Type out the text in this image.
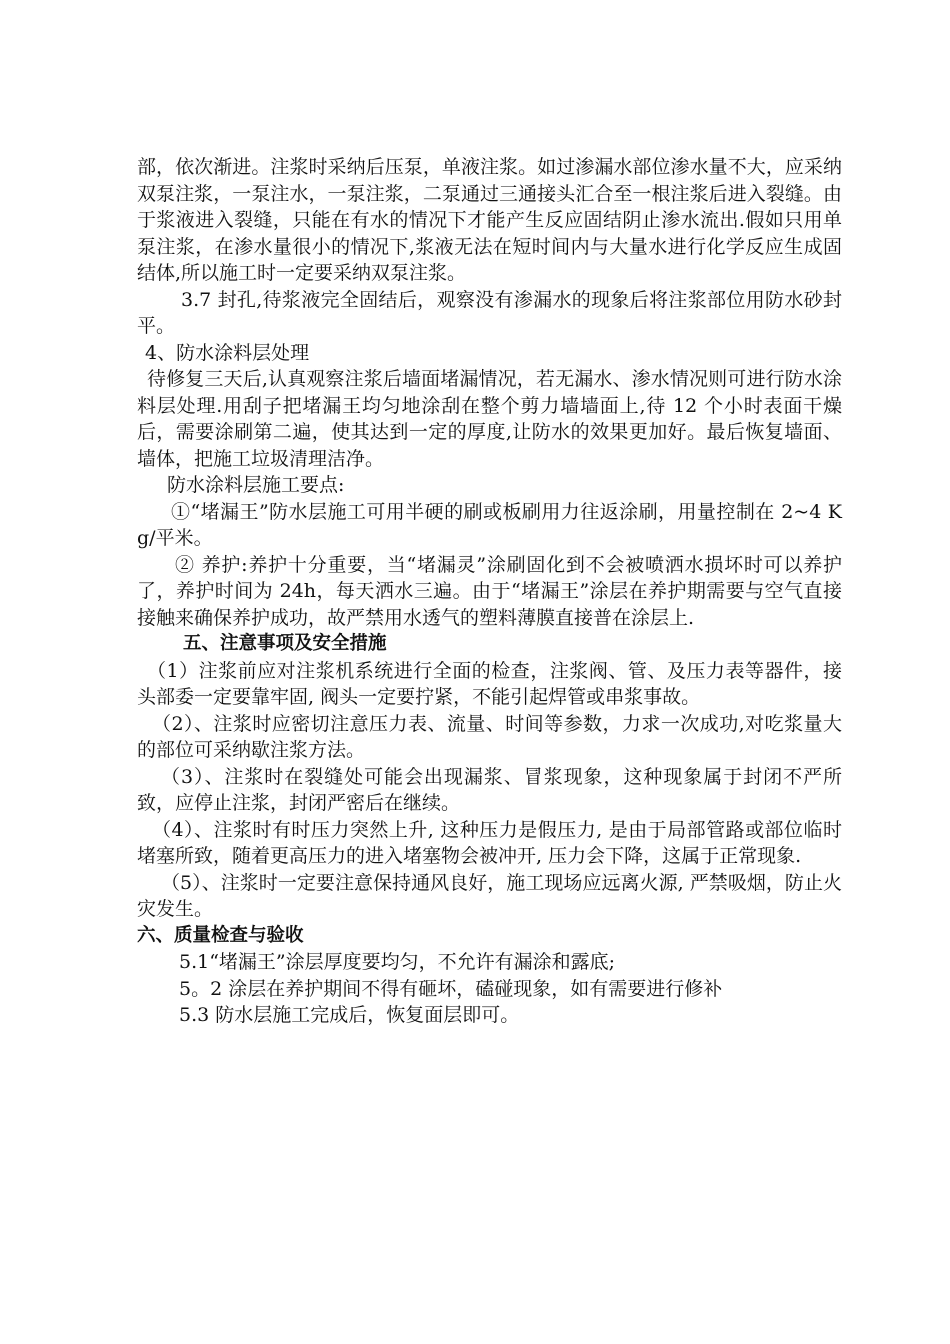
部，依次渐进。注浆时采纳后压泵，单液注浆。如过渗漏水部位渗水量不大，应采纳双泵注浆，一泵注水，一泵注浆，二泵通过三通接头汇合至一根注浆后进入裂缝。由于浆液进入裂缝，只能在有水的情况下才能产生反应固结阴止渗水流出.假如只用单泵注浆，在渗水量很小的情况下,浆液无法在短时间内与大量水进行化学反应生成固结体,所以施工时一定要采纳双泵注浆。

3.7 封孔,待浆液完全固结后，观察没有渗漏水的现象后将注浆部位用防水砂封平。

4、防水涂料层处理

待修复三天后,认真观察注浆后墙面堵漏情况，若无漏水、渗水情况则可进行防水涂料层处理.用刮子把堵漏王均匀地涂刮在整个剪力墙墙面上,待 12 个小时表面干燥后，需要涂刷第二遍，使其达到一定的厚度,让防水的效果更加好。最后恢复墙面、墙体，把施工垃圾清理洁净。

防水涂料层施工要点:

①“堵漏王”防水层施工可用半硬的刷或板刷用力往返涂刷，用量控制在 2~4 Kg/平米。

② 养护:养护十分重要，当“堵漏灵”涂刷固化到不会被喷洒水损坏时可以养护了，养护时间为 24h，每天洒水三遍。由于“堵漏王”涂层在养护期需要与空气直接接触来确保养护成功，故严禁用水透气的塑料薄膜直接普在涂层上.

五、注意事项及安全措施

（1）注浆前应对注浆机系统进行全面的检查，注浆阀、管、及压力表等器件，接头部委一定要靠牢固, 阀头一定要拧紧，不能引起焊管或串浆事故。

（2）、注浆时应密切注意压力表、流量、时间等参数，力求一次成功,对吃浆量大的部位可采纳歇注浆方法。

（3）、注浆时在裂缝处可能会出现漏浆、冒浆现象，这种现象属于封闭不严所致，应停止注浆，封闭严密后在继续。

（4）、注浆时有时压力突然上升, 这种压力是假压力, 是由于局部管路或部位临时堵塞所致，随着更高压力的进入堵塞物会被冲开, 压力会下降，这属于正常现象.

（5）、注浆时一定要注意保持通风良好，施工现场应远离火源, 严禁吸烟，防止火灾发生。

六、质量检查与验收

5.1“堵漏王”涂层厚度要均匀，不允许有漏涂和露底;

5。2 涂层在养护期间不得有砸坏，磕碰现象，如有需要进行修补

5.3 防水层施工完成后，恢复面层即可。
